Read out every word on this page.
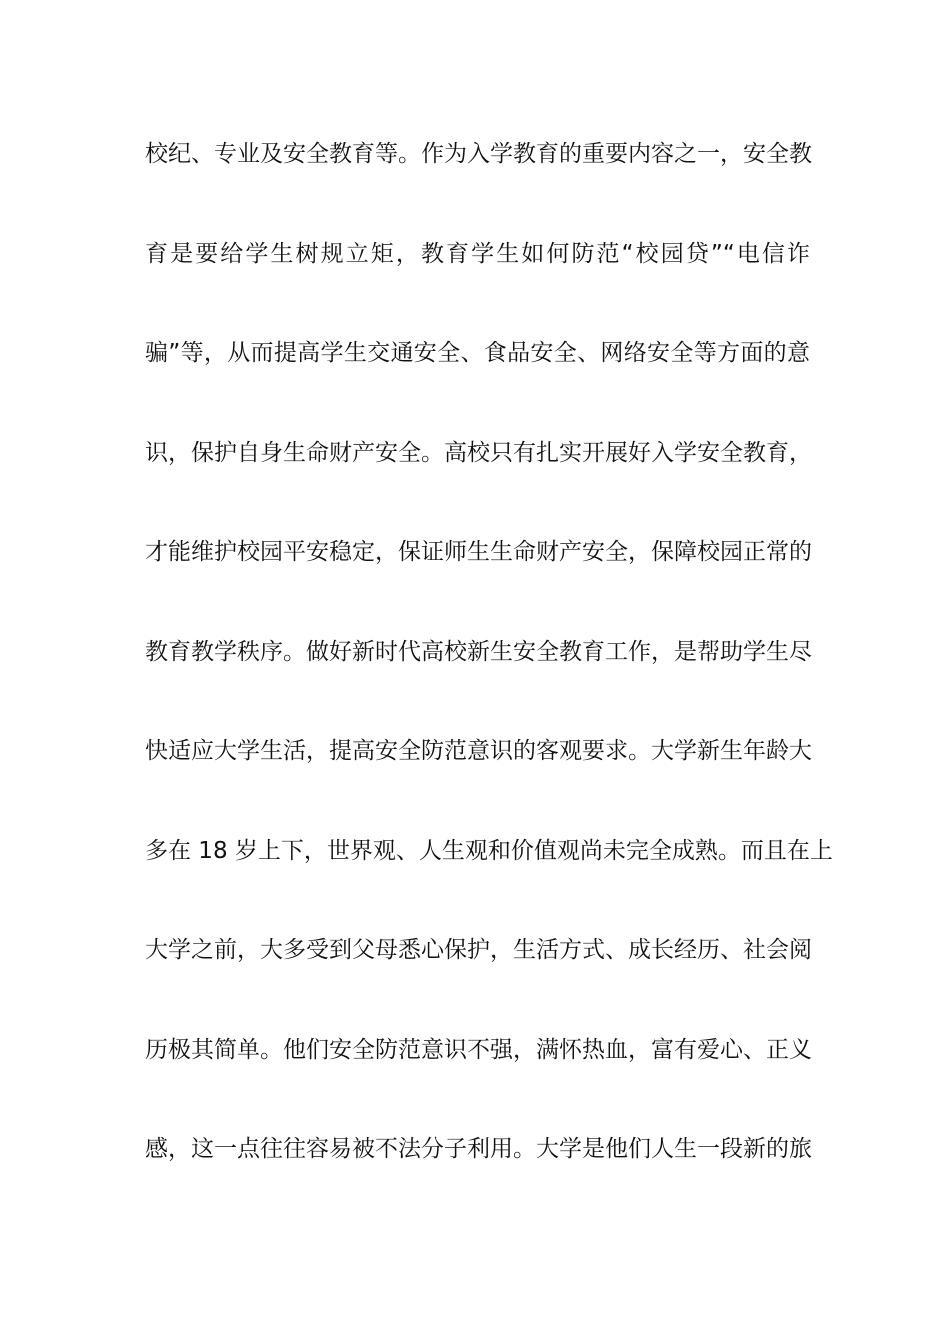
校纪、专业及安全教育等。作为入学教育的重要内容之一，安全教
育是要给学生树规立矩，教育学生如何防范“校园贷”“电信诈
骗”等，从而提高学生交通安全、食品安全、网络安全等方面的意
识，保护自身生命财产安全。高校只有扎实开展好入学安全教育，
才能维护校园平安稳定，保证师生生命财产安全，保障校园正常的
教育教学秩序。做好新时代高校新生安全教育工作，是帮助学生尽
快适应大学生活，提高安全防范意识的客观要求。大学新生年龄大
多在 18 岁上下，世界观、人生观和价值观尚未完全成熟。而且在上
大学之前，大多受到父母悉心保护，生活方式、成长经历、社会阅
历极其简单。他们安全防范意识不强，满怀热血，富有爱心、正义
感，这一点往往容易被不法分子利用。大学是他们人生一段新的旅
